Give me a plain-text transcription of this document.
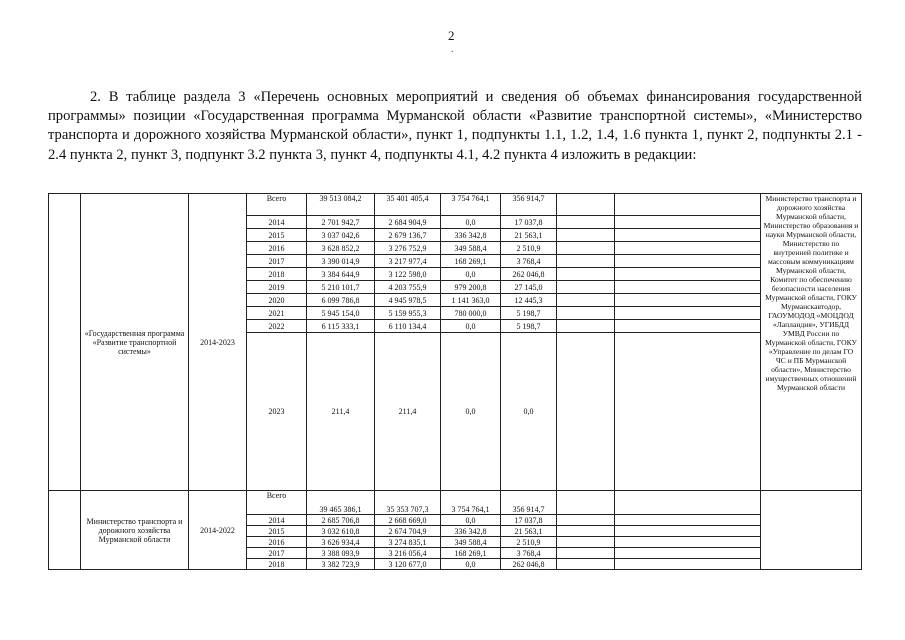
2
.

2. В таблице раздела 3 «Перечень основных мероприятий и сведения об объемах финансирования государственной программы» позиции «Государственная программа Мурманской области «Развитие транспортной системы», «Министерство транспорта и дорожного хозяйства Мурманской области», пункт 1, подпункты 1.1, 1.2, 1.4, 1.6 пункта 1, пункт 2, подпункты 2.1 - 2.4 пункта 2, пункт 3, подпункт 3.2 пункта 3, пункт 4, подпункты 4.1, 4.2 пункта 4 изложить в редакции:

	«Государственная программа «Развитие транспортной системы»	2014-2023	Всего	39 513 084,2	35 401 405,4	3 754 764,1	356 914,7			Министерство транспорта и дорожного хозяйства Мурманской области, Министерство образования и науки Мурманской области, Министерство по внутренней политике и массовым коммуникациям Мурманской области, Комитет по обеспечению безопасности населения Мурманской области, ГОКУ Мурманскавтодор, ГАОУМОДОД «МОЦДОД «Лапландия», УГИБДД УМВД России по Мурманской области, ГОКУ «Управление по делам ГО ЧС и ПБ Мурманской области», Министерство имущественных отношений Мурманской области
			2014	2 701 942,7	2 684 904,9	0,0	17 037,8			
			2015	3 037 042,6	2 679 136,7	336 342,8	21 563,1			
			2016	3 628 852,2	3 276 752,9	349 588,4	2 510,9			
			2017	3 390 014,9	3 217 977,4	168 269,1	3 768,4			
			2018	3 384 644,9	3 122 598,0	0,0	262 046,8			
			2019	5 210 101,7	4 203 755,9	979 200,8	27 145,0			
			2020	6 099 786,8	4 945 978,5	1 141 363,0	12 445,3			
			2021	5 945 154,0	5 159 955,3	780 000,0	5 198,7			
			2022	6 115 333,1	6 110 134,4	0,0	5 198,7			
			2023	211,4	211,4	0,0	0,0			
	Министерство транспорта и дорожного хозяйства Мурманской области	2014-2022	Всего	39 465 386,1	35 353 707,3	3 754 764,1	356 914,7			
			2014	2 685 706,8	2 668 669,0	0,0	17 037,8			
			2015	3 032 610,8	2 674 704,9	336 342,8	21 563,1			
			2016	3 626 934,4	3 274 835,1	349 588,4	2 510,9			
			2017	3 388 093,9	3 216 056,4	168 269,1	3 768,4			
			2018	3 382 723,9	3 120 677,0	0,0	262 046,8			
